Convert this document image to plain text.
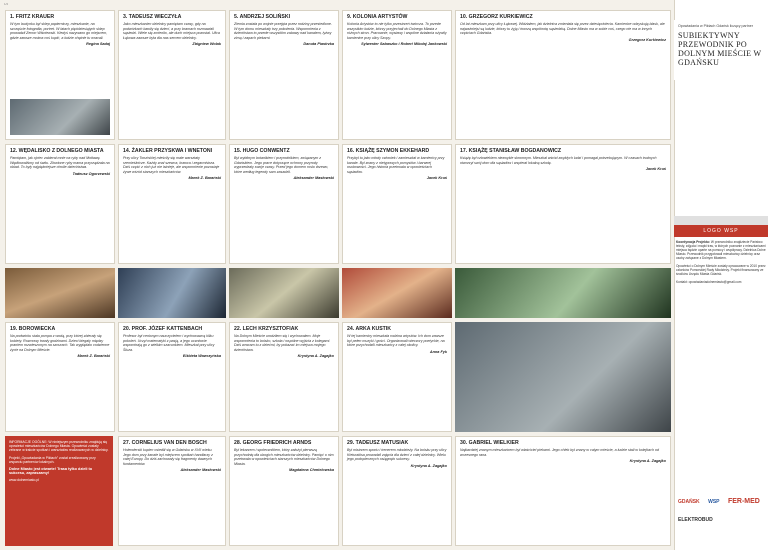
1/2
1. FRITZ KRAUER

W tym budynku był sklep papierniczy, mieszkanie, na szczęście fotografia, portret. W latach pięćdziesiątych sklep prowadził Zenon Wiśniewski. Kiedyś nazywano go miejscem, gdzie zawsze można coś kupić, a ludzie chętnie tu wracali.

Regina Sadaj
3. TADEUSZ WIECZYŁA

Jako mieszkaniec dzielnicy pamiętam czasy, gdy na podwórkach bawiły się dzieci, a przy bramach rozmawiali sąsiedzi. Wiele się zmieniło, ale duch miejsca pozostał. Ulica Łąkowa zawsze była dla nas sercem dzielnicy.

Zbigniew Wolak
5. ANDRZEJ SOLIŃSKI

Ziemia została po wojnie przejęta przez rodziny przesiedlone. W tym domu mieszkały trzy pokolenia. Wspomnienia z dzieciństwa to przede wszystkim zabawy nad kanałem, łyżwy zimą i zapach piekarni.

Danuta Piastrzka
9. KOLONIA ARTYSTÓW

Kolonia Artystów to nie tylko przestrzeń twórcza. To przede wszystkim ludzie, którzy przyjechali do Dolnego Miasta z różnych stron. Pracownie, wystawy i wspólne działania ożywiły kamienice przy ulicy Szopy.

Sylwester Sabaszko i Robert Mikołaj Jankowski
10. GRZEGORZ KURKIEWICZ

Od lat mieszkam przy ulicy Łąkowej. Widziałem, jak dzielnica zmieniała się przez dziesięciolecia. Kamienice odzyskują blask, ale najważniejsi są ludzie, którzy tu żyją i tworzą wspólnotę sąsiedzką. Dolne Miasto ma w sobie coś, czego nie ma w innych częściach Gdańska.

Grzegorz Kurkiewicz
12. WĘDALISKO Z DOLNEGO MIASTA

Pamiętam, jak ojciec zabierał mnie na ryby nad Motławę. Wędkowaliśmy od świtu. Złowione ryby mama przyrządzała na obiad. To były najpiękniejsze chwile dzieciństwa.

Tadeusz Ogorzewski
14. ŻAKLER PRZYSKWA I WNETONI

Przy ulicy Toruńskiej mieściły się małe warsztaty rzemieślnicze. Każdy znał szewca, krawca i zegarmistrza. Dziś część z nich już nie istnieje, ale wspomnienie pozostaje żywe wśród starszych mieszkańców.

Marek Z. Barański
15. HUGO CONWENTZ

Był wybitnym botanikiem i przyrodnikiem, związanym z Gdańskiem. Jego prace dotyczące ochrony przyrody wyprzedzały swoje czasy. Przed jego domem rosło drzewo, które według legendy sam zasadził.

Aleksander Masłowski
16. KSIĄŻĘ SZYMON EKKEHARD

Przybył tu jako młody człowiek i zamieszkał w kamienicy przy kanale. Był znany z nietypowych pomysłów i barwnej osobowości. Jego historia przetrwała w opowieściach sąsiadów.

Jacek Kruś
17. KSIĄŻĘ STANISŁAW BOGDANOWICZ

Książę był człowiekiem niezwykle skromnym. Mieszkał wśród zwykłych ludzi i pomagał potrzebującym. W czasach trudnych otworzył swój dom dla sąsiadów i wspierał lokalną szkołę.

Jacek Kruś
19. BOROWIECKA

Na podwórku stała pompa z wodą, przy której zbierały się kobiety. Rozmowy trwały godzinami. Dzieci biegały między praniem rozwieszonym na sznurach. Tak wyglądało codzienne życie na Dolnym Mieście.

Marek Z. Barański
20. PROF. JÓZEF KATTENBACH

Profesor był cenionym nauczycielem i wychowawcą kilku pokoleń. Uczył matematyki z pasją, a jego uczniowie wspominają go z wielkim szacunkiem. Mieszkał przy ulicy Śluza.

Elżbieta Wawrzyńska
22. LECH KRZYSZTOFIAK

Na Dolnym Mieście urodziłem się i wychowałem. Moje wspomnienia to boisko, szkoła i wspólne wyjścia z kolegami. Dziś wracam tu z dziećmi, by pokazać im miejsca mojego dzieciństwa.

Krystyna A. Zagajko
24. ARKA KUSTIK

W tej kamienicy mieszkała rodzina artystów. Ich dom zawsze był pełen muzyki i gości. Organizowali wieczory poetyckie, na które przychodzili mieszkańcy z całej okolicy.

Anna Fyk

INFORMACJE OGÓLNE: W niniejszym przewodniku znajdują się opowieści mieszkańców Dolnego Miasta. Opowieści zostały zebrane w trakcie spotkań i warsztatów realizowanych w dzielnicy.

Projekt „Opowiadania w Piktach” został zrealizowany przy wsparciu partnerów lokalnych.

Dolne Miasto jest otwarte! Trasa tylko dzieli to sukcesu, zapraszamy!

www.dolnemiasto.pl

27. CORNELIUS VAN DEN BOSCH

Holenderski kupiec osiedlił się w Gdańsku w XVII wieku. Jego dom przy kanale był miejscem spotkań handlarzy z całej Europy. Do dziś zachowały się fragmenty dawnych fundamentów.

Aleksander Masłowski
28. GEORG FRIEDRICH ARNDS

Był lekarzem i społecznikiem, który założył pierwszą przychodnię dla ubogich mieszkańców dzielnicy. Pamięć o nim przetrwała w opowieściach starszych mieszkańców Dolnego Miasta.

Magdalena Chmielowska
29. TADEUSZ MATUSIAK

Był mistrzem sportu i trenerem młodzieży. Na boisku przy ulicy Kieturakisa prowadził zajęcia dla dzieci z całej dzielnicy. Wielu jego podopiecznych osiągnęło sukcesy.

Krystyna A. Zagajko
30. GABRIEL WIELKIER

Najbardziej znanym mieszkańcem był właściciel piekarni. Jego chleb był znany w całym mieście, a ludzie stali w kolejkach od wczesnego rana.

Krystyna A. Zagajko
Opowiadania w Piktach Gdańsk liczący partner
SUBIEKTYWNY PRZEWODNIK PO DOLNYM MIEŚCIE W GDAŃSKU
LOGO WSP
Koordynacja Projektu: W przewodniku znajdziecie Państwo teksty, zdjęcia i mapki tras, w których poznanie z mieszkańcami miejsca będzie oparte na pomocy i współpracy. Dzielnica Dolne Miasto. Przewodnik przygotowali mieszkańcy dzielnicy oraz osoby związane z Dolnym Miastem.

Opowieści o Dolnym Mieście zostały opracowane w 2010 przez członków Pomorskiej Rady Młodzieży. Projekt finansowany ze środków Urzędu Miasta Gdańsk.

Kontakt: opowiadaniadolnemiasto@gmail.com
GDAŃSK WSP FER-MED ELEKTROBUD
